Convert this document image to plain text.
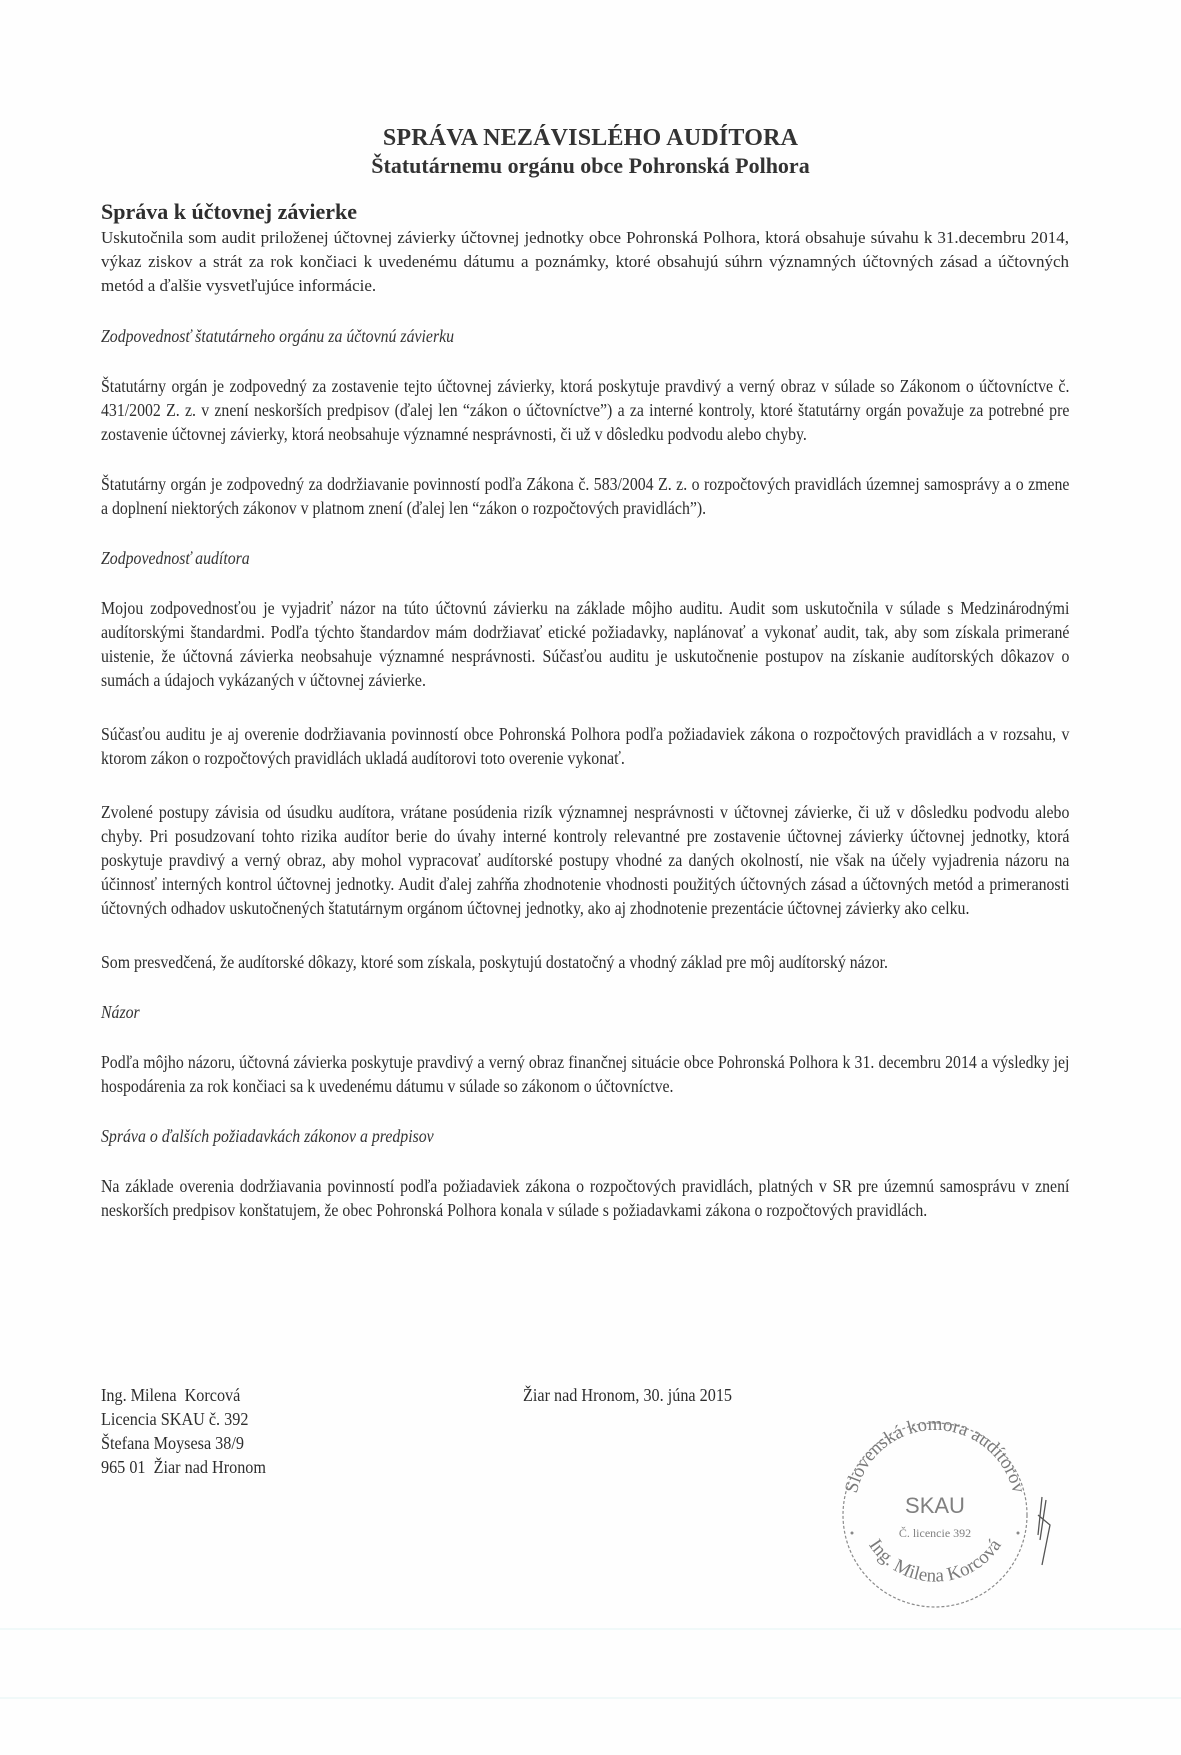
SPRÁVA NEZÁVISLÉHO AUDÍTORA
Štatutárnemu orgánu obce Pohronská Polhora
Správa k účtovnej závierke

Uskutočnila som audit priloženej účtovnej závierky účtovnej jednotky obce Pohronská Polhora, ktorá obsahuje súvahu k 31.decembru 2014, výkaz ziskov a strát za rok končiaci k uvedenému dátumu a poznámky, ktoré obsahujú súhrn významných účtovných zásad a účtovných metód a ďalšie vysvetľujúce informácie.

Zodpovednosť štatutárneho orgánu za účtovnú závierku

Štatutárny orgán je zodpovedný za zostavenie tejto účtovnej závierky, ktorá poskytuje pravdivý a verný obraz v súlade so Zákonom o účtovníctve č. 431/2002 Z. z. v znení neskorších predpisov (ďalej len “zákon o účtovníctve”) a za interné kontroly, ktoré štatutárny orgán považuje za potrebné pre zostavenie účtovnej závierky, ktorá neobsahuje významné nesprávnosti, či už v dôsledku podvodu alebo chyby.

Štatutárny orgán je zodpovedný za dodržiavanie povinností podľa Zákona č. 583/2004 Z. z. o rozpočtových pravidlách územnej samosprávy a o zmene a doplnení niektorých zákonov v platnom znení (ďalej len “zákon o rozpočtových pravidlách”).

Zodpovednosť audítora

Mojou zodpovednosťou je vyjadriť názor na túto účtovnú závierku na základe môjho auditu. Audit som uskutočnila v súlade s Medzinárodnými audítorskými štandardmi. Podľa týchto štandardov mám dodržiavať etické požiadavky, naplánovať a vykonať audit, tak, aby som získala primerané uistenie, že účtovná závierka neobsahuje významné nesprávnosti. Súčasťou auditu je uskutočnenie postupov na získanie audítorských dôkazov o sumách a údajoch vykázaných v účtovnej závierke.

Súčasťou auditu je aj overenie dodržiavania povinností obce Pohronská Polhora podľa požiadaviek zákona o rozpočtových pravidlách a v rozsahu, v ktorom zákon o rozpočtových pravidlách ukladá audítorovi toto overenie vykonať.

Zvolené postupy závisia od úsudku audítora, vrátane posúdenia rizík významnej nesprávnosti v účtovnej závierke, či už v dôsledku podvodu alebo chyby. Pri posudzovaní tohto rizika audítor berie do úvahy interné kontroly relevantné pre zostavenie účtovnej závierky účtovnej jednotky, ktorá poskytuje pravdivý a verný obraz, aby mohol vypracovať audítorské postupy vhodné za daných okolností, nie však na účely vyjadrenia názoru na účinnosť interných kontrol účtovnej jednotky. Audit ďalej zahŕňa zhodnotenie vhodnosti použitých účtovných zásad a účtovných metód a primeranosti účtovných odhadov uskutočnených štatutárnym orgánom účtovnej jednotky, ako aj zhodnotenie prezentácie účtovnej závierky ako celku.

Som presvedčená, že audítorské dôkazy, ktoré som získala, poskytujú dostatočný a vhodný základ pre môj audítorský názor.

Názor

Podľa môjho názoru, účtovná závierka poskytuje pravdivý a verný obraz finančnej situácie obce Pohronská Polhora k 31. decembru 2014 a výsledky jej hospodárenia za rok končiaci sa k uvedenému dátumu v súlade so zákonom o účtovníctve.

Správa o ďalších požiadavkách zákonov a predpisov

Na základe overenia dodržiavania povinností podľa požiadaviek zákona o rozpočtových pravidlách, platných v SR pre územnú samosprávu v znení neskorších predpisov konštatujem, že obec Pohronská Polhora konala v súlade s požiadavkami zákona o rozpočtových pravidlách.

Ing. Milena  Korcová
Licencia SKAU č. 392
Štefana Moysesa 38/9
965 01  Žiar nad Hronom
Žiar nad Hronom, 30. júna 2015
Slovenská komora audítorov
SKAU
Č. licencie 392
Ing. Milena Korcová
